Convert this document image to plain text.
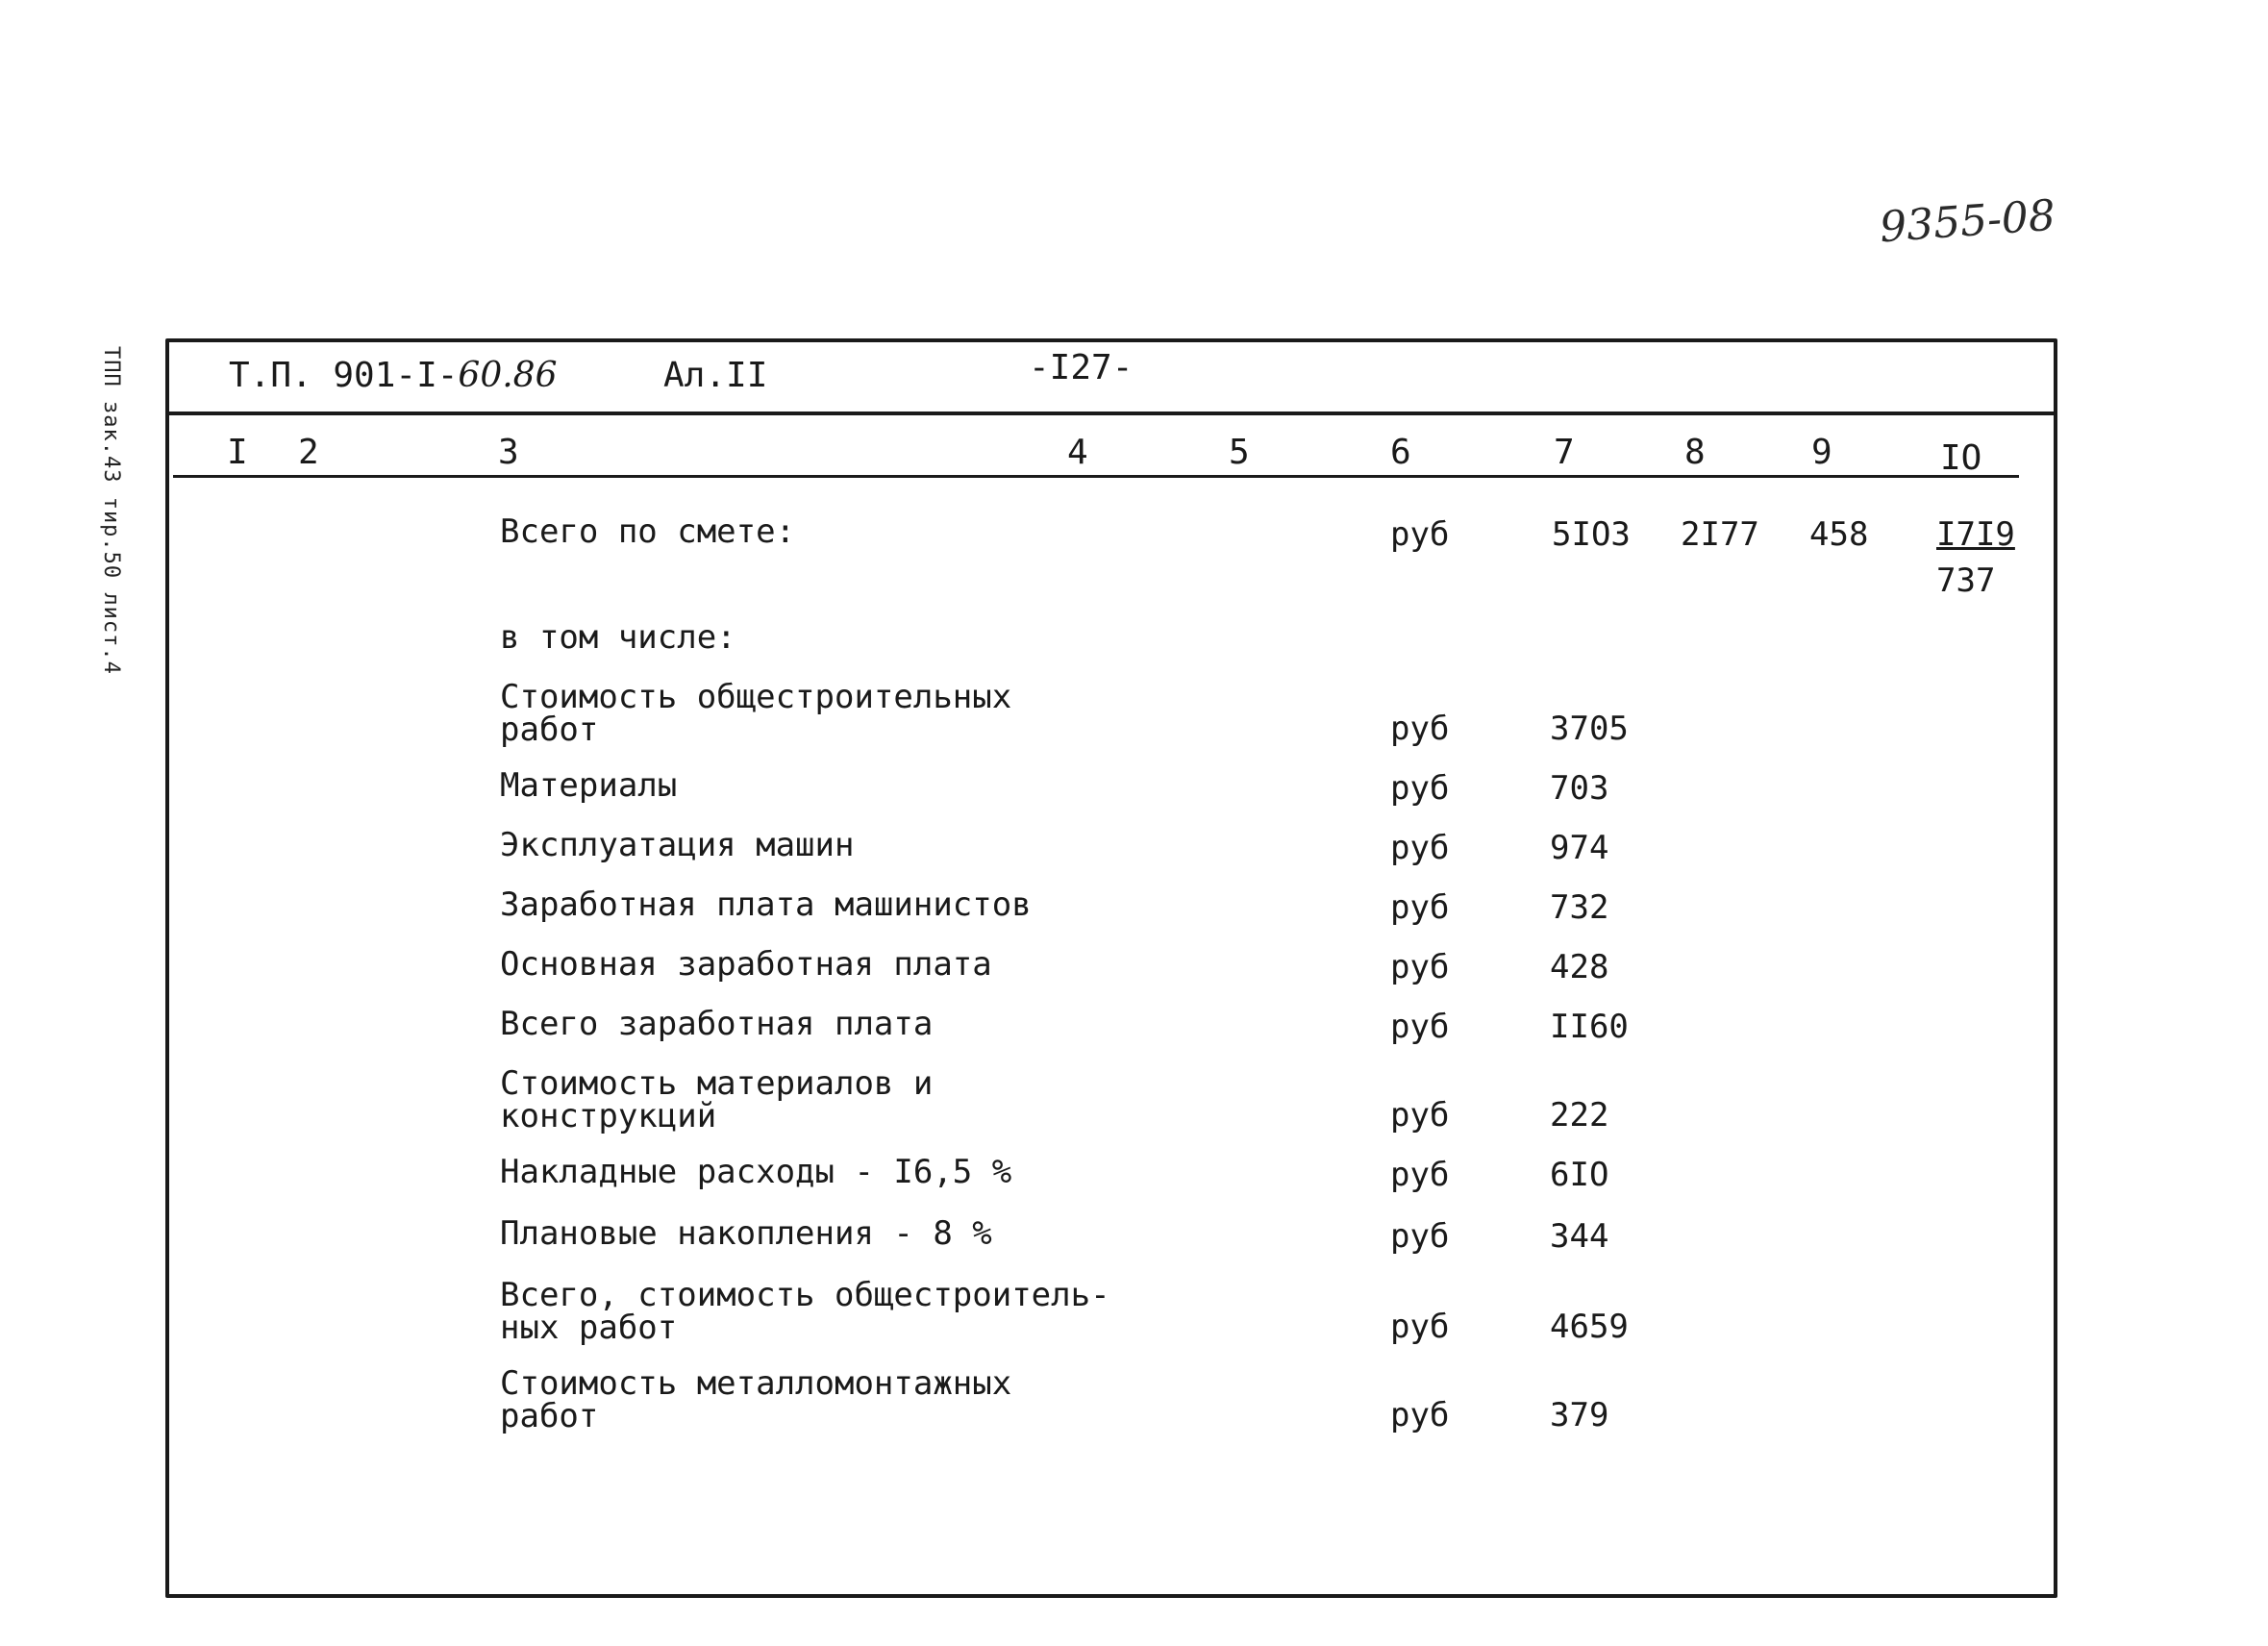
9355-08
ТПП зак.43 тир.50 лист.4	Т.П. 901-I-60.86	Ал.II	-I27-
I 2	3	4	5	6	7	8	9	IO
Всего по смете:	руб	5IO3 2I77 458 I7I9
737
в том числе:
Стоимость общестроительных
работ	руб	3705
Материалы	руб	703
Эксплуатация машин	руб	974
Заработная плата машинистов	руб	732
Основная заработная плата	руб	428
Всего заработная плата	руб	II60
Стоимость материалов и
конструкций	руб	222
Накладные расходы - I6,5 %	руб	6IO
Плановые накопления - 8 %	руб	344
Всего, стоимость общестроитель-
ных работ	руб	4659
Стоимость металломонтажных
работ	руб	379
